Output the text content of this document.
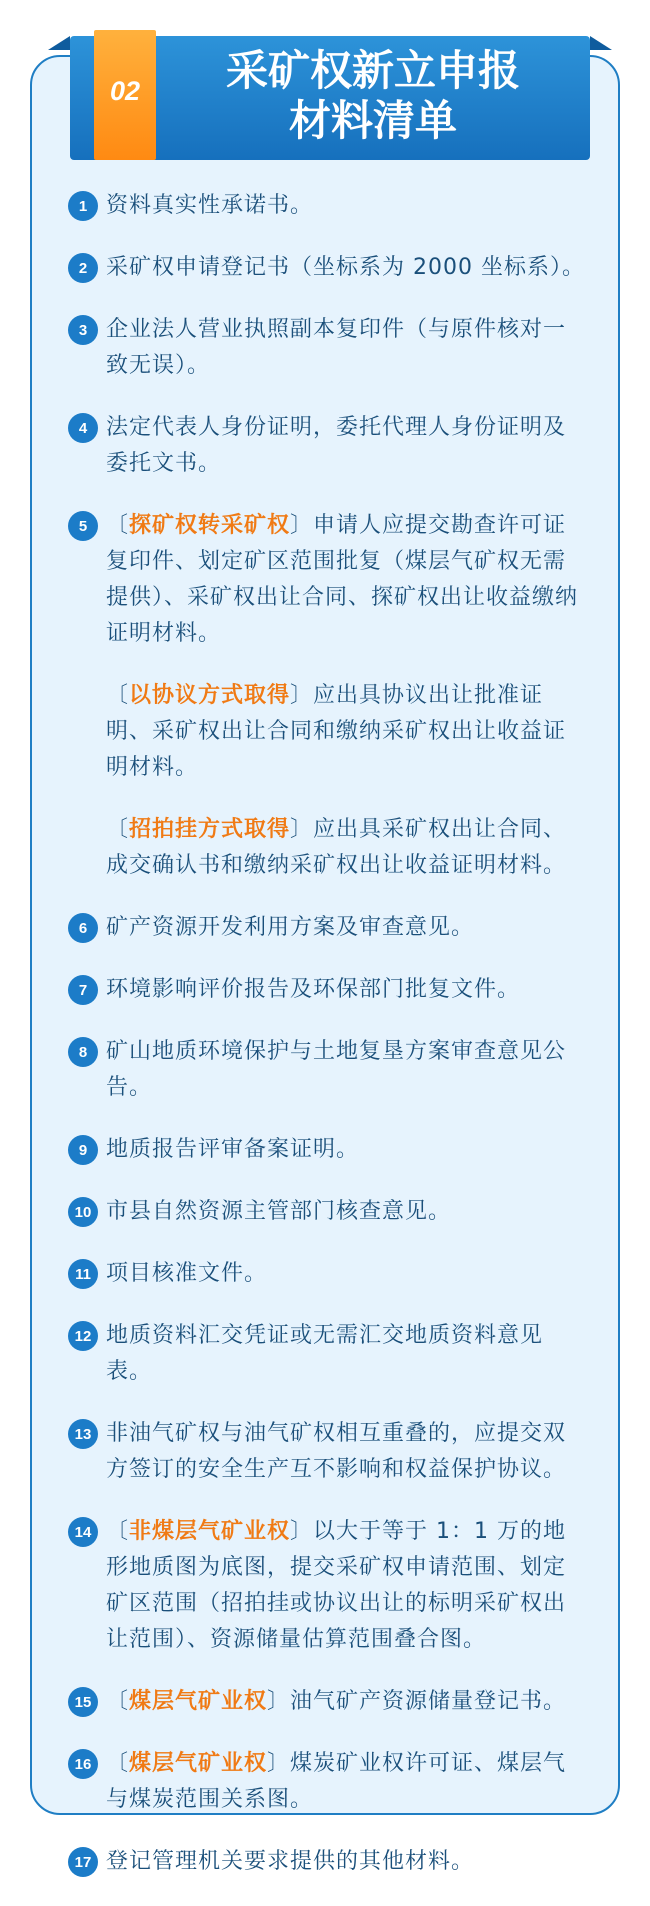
02	采矿权新立申报
材料清单
1 资料真实性承诺书。
2 采矿权申请登记书（坐标系为 2000 坐标系）。
3 企业法人营业执照副本复印件（与原件核对一致无误）。
4 法定代表人身份证明，委托代理人身份证明及委托文书。
5 〔探矿权转采矿权〕申请人应提交勘查许可证复印件、划定矿区范围批复（煤层气矿权无需提供）、采矿权出让合同、探矿权出让收益缴纳证明材料。
〔以协议方式取得〕应出具协议出让批准证明、采矿权出让合同和缴纳采矿权出让收益证明材料。
〔招拍挂方式取得〕应出具采矿权出让合同、成交确认书和缴纳采矿权出让收益证明材料。
6 矿产资源开发利用方案及审查意见。
7 环境影响评价报告及环保部门批复文件。
8 矿山地质环境保护与土地复垦方案审查意见公告。
9 地质报告评审备案证明。
10 市县自然资源主管部门核查意见。
11 项目核准文件。
12 地质资料汇交凭证或无需汇交地质资料意见表。
13 非油气矿权与油气矿权相互重叠的，应提交双方签订的安全生产互不影响和权益保护协议。
14 〔非煤层气矿业权〕以大于等于 1：1 万的地形地质图为底图，提交采矿权申请范围、划定矿区范围（招拍挂或协议出让的标明采矿权出让范围）、资源储量估算范围叠合图。
15 〔煤层气矿业权〕油气矿产资源储量登记书。
16 〔煤层气矿业权〕煤炭矿业权许可证、煤层气与煤炭范围关系图。
17 登记管理机关要求提供的其他材料。
